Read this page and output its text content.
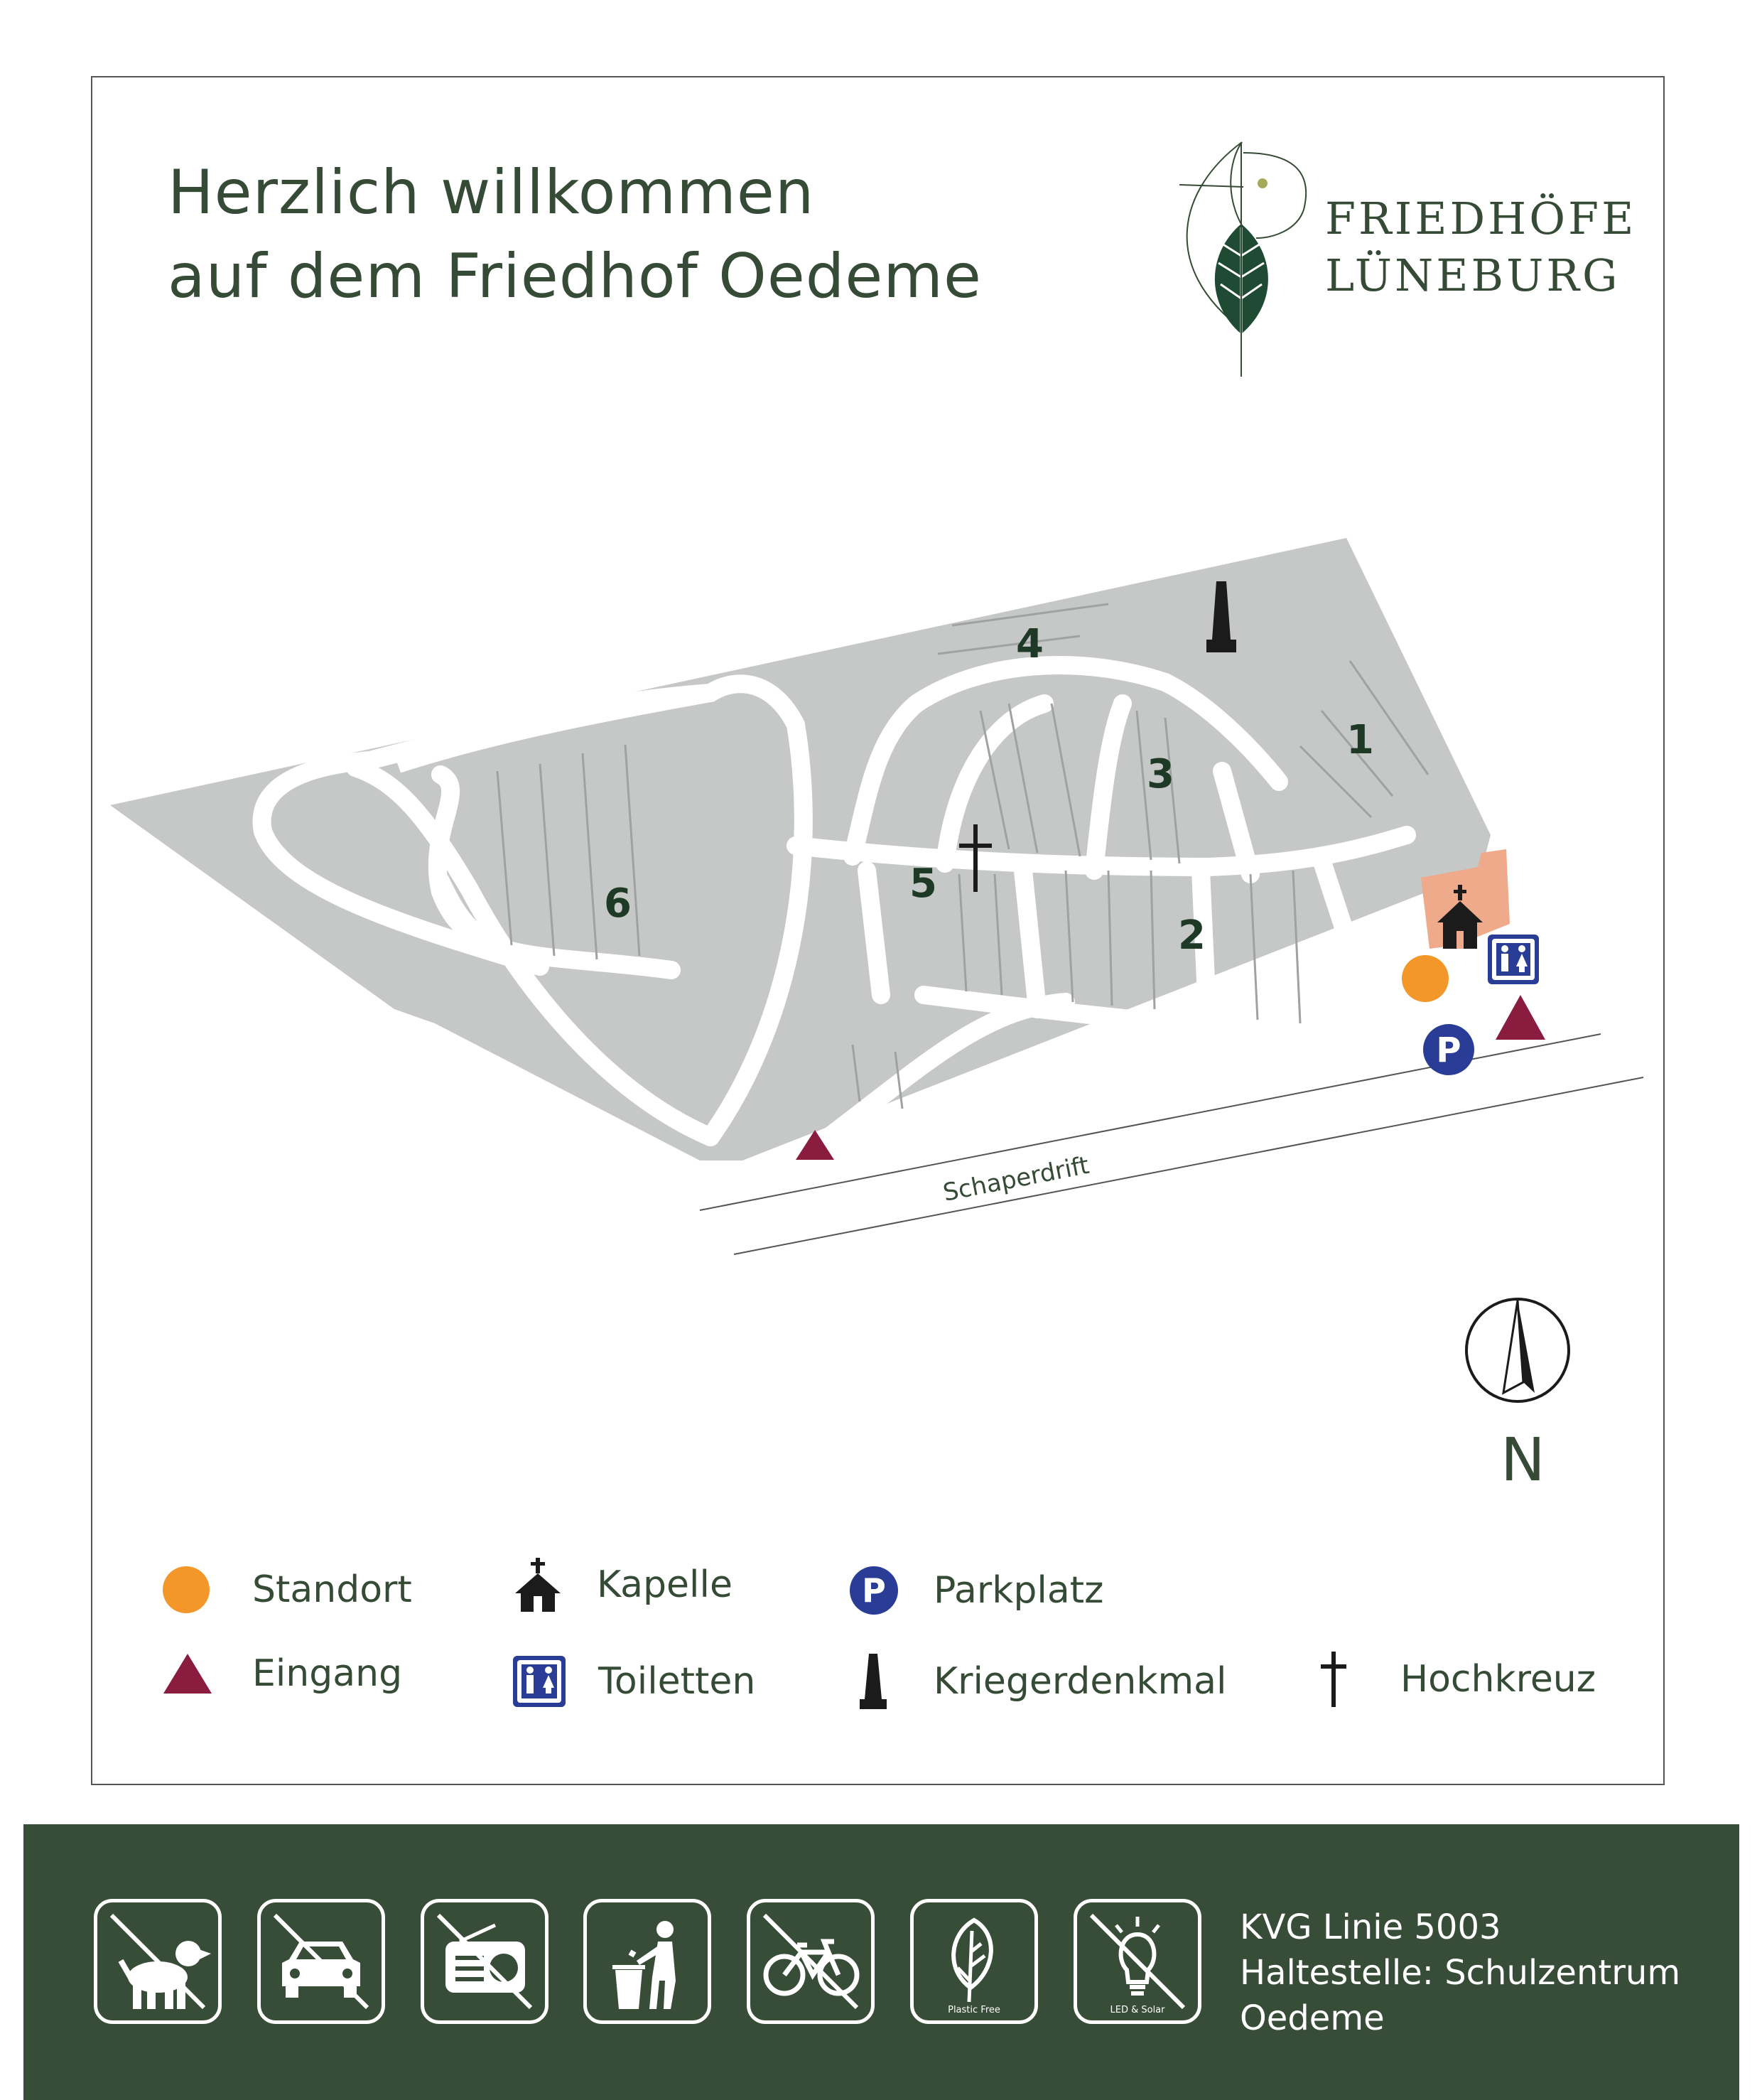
Herzlich willkommen
auf dem Friedhof Oedeme
FRIEDHÖFE
LÜNEBURG
Schaperdrift
1
2
3
4
5
6
P
N
Standort
Eingang
Kapelle
Toiletten
P Parkplatz
Kriegerdenkmal	Hochkreuz
Plastic Free	LED & Solar
KVG Linie 5003
Haltestelle: Schulzentrum
Oedeme
